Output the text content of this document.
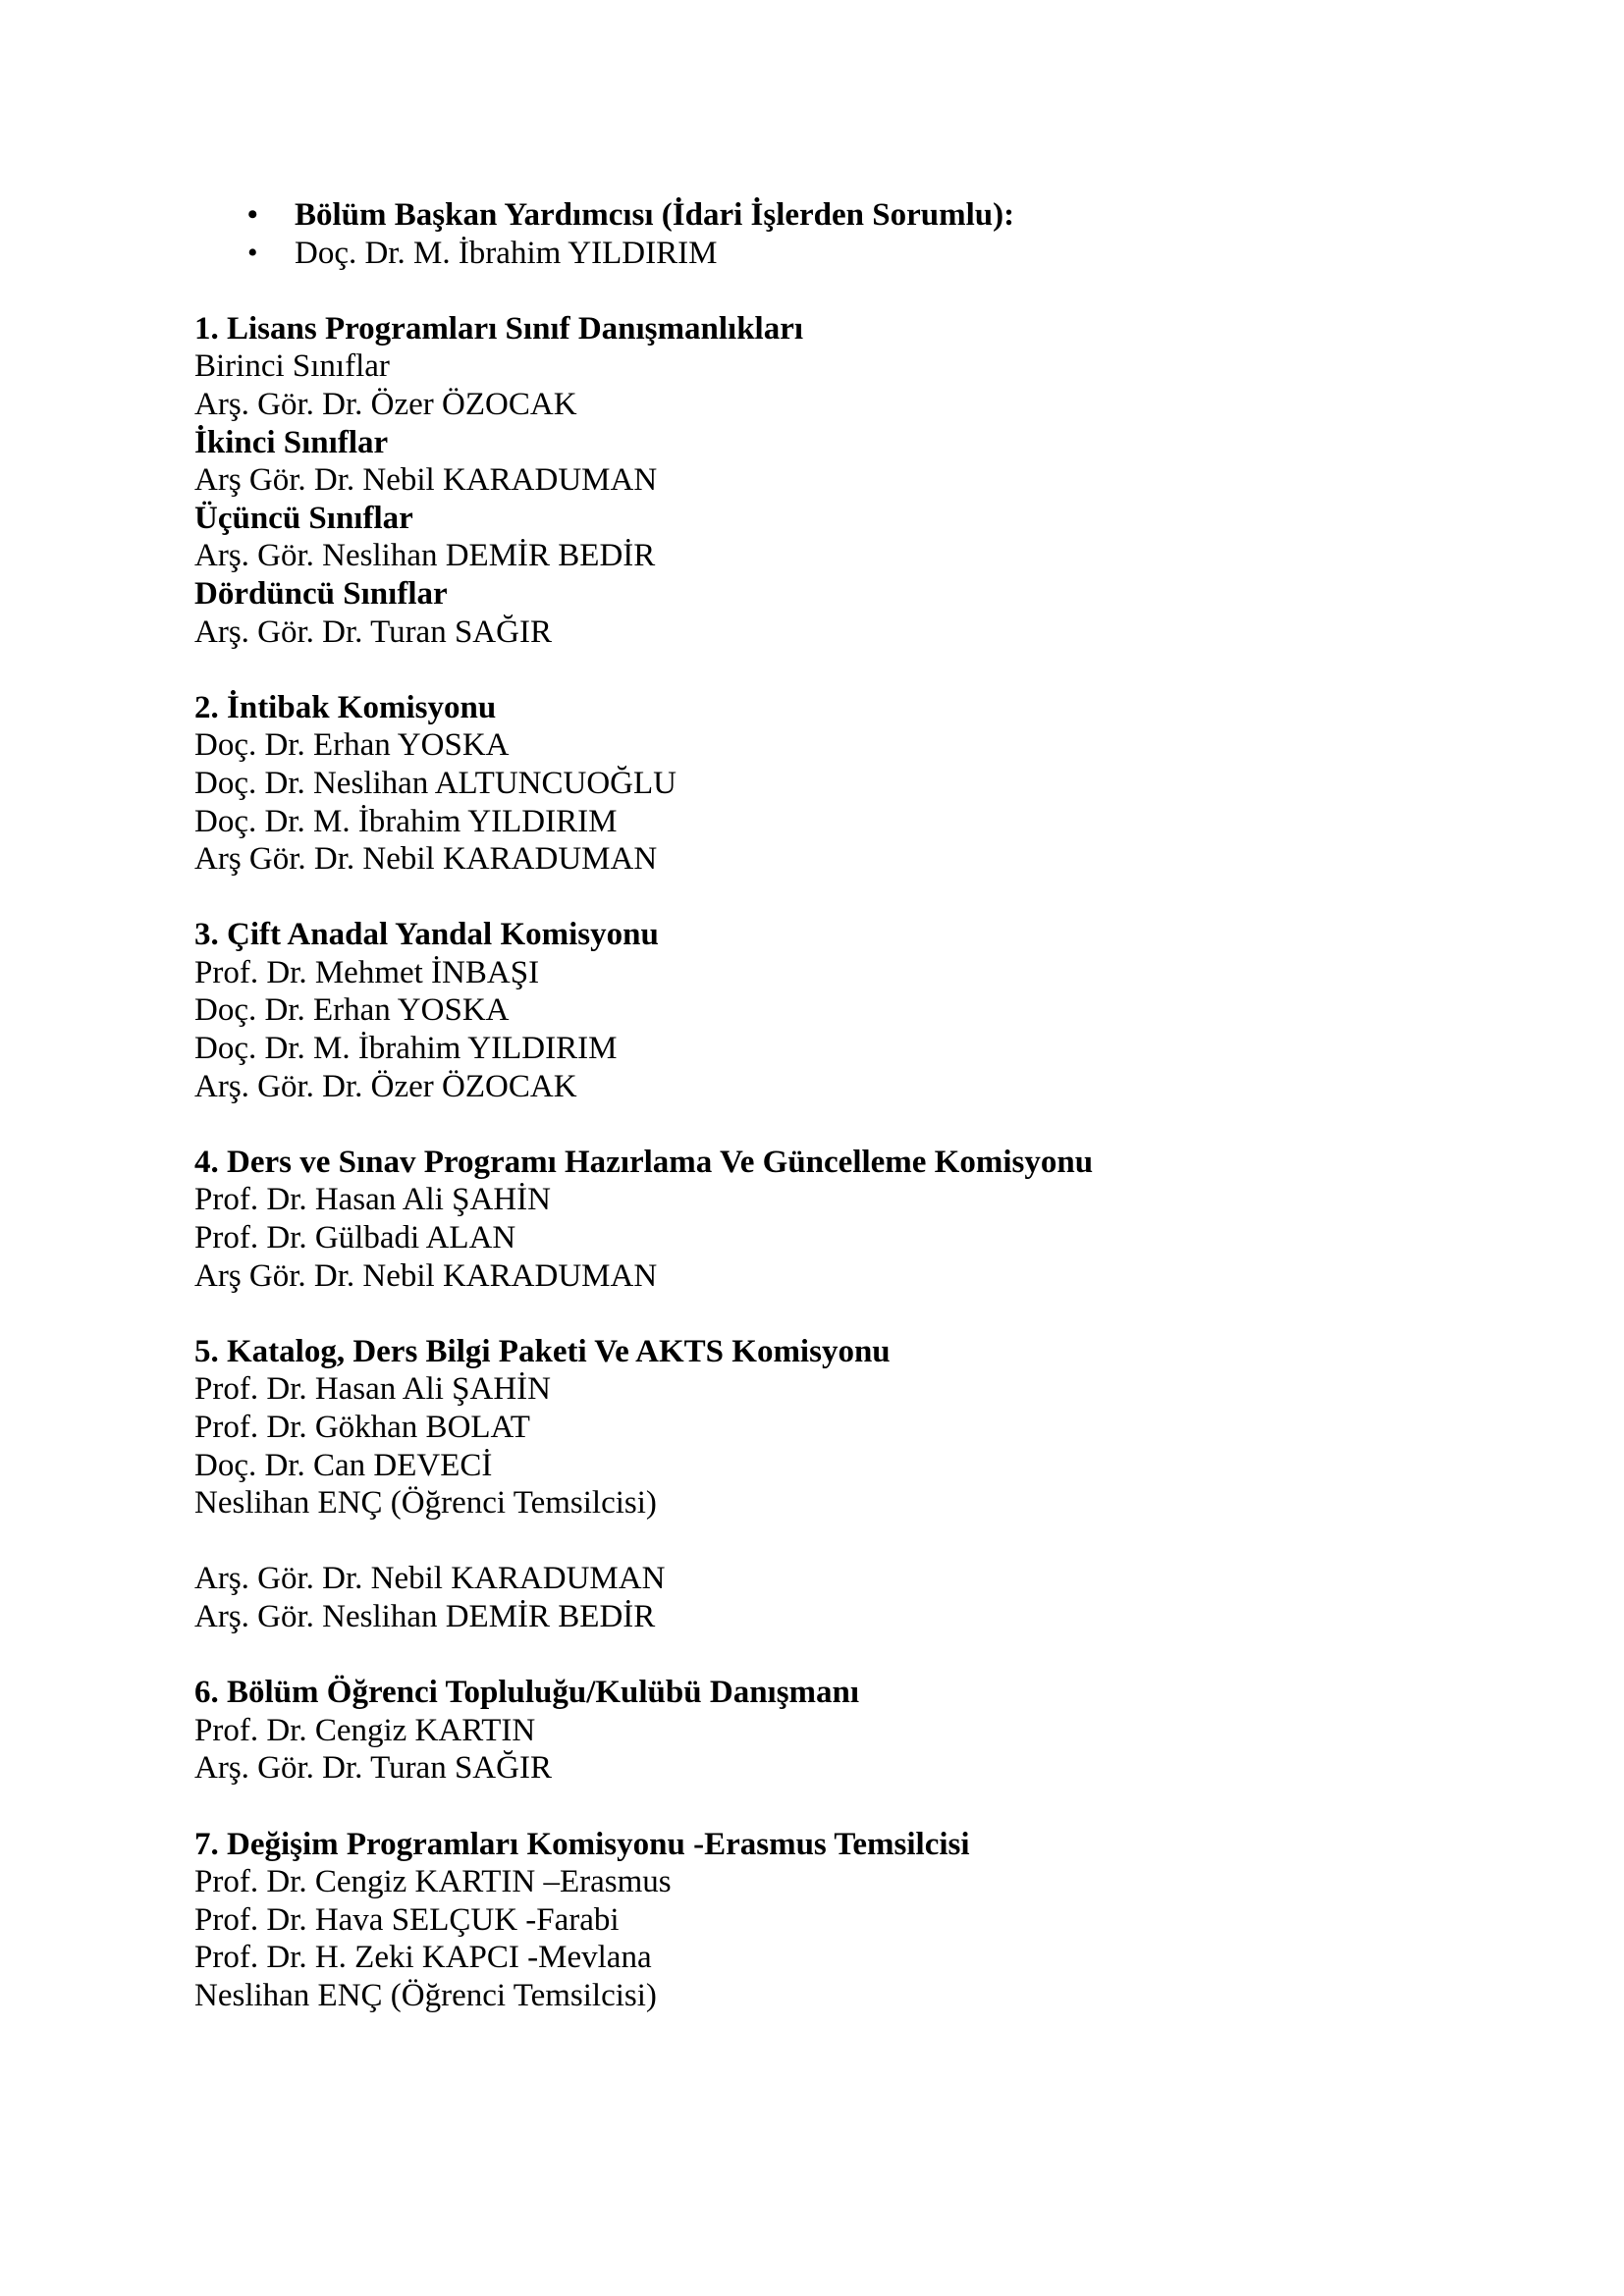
•	Bölüm Başkan Yardımcısı (İdari İşlerden Sorumlu):
•	Doç. Dr. M. İbrahim YILDIRIM
1. Lisans Programları Sınıf Danışmanlıkları
Birinci Sınıflar
Arş. Gör. Dr. Özer ÖZOCAK
İkinci Sınıflar
Arş Gör. Dr. Nebil KARADUMAN
Üçüncü Sınıflar
Arş. Gör. Neslihan DEMİR BEDİR
Dördüncü Sınıflar
Arş. Gör. Dr. Turan SAĞIR
2. İntibak Komisyonu
Doç. Dr. Erhan YOSKA
Doç. Dr. Neslihan ALTUNCUOĞLU
Doç. Dr. M. İbrahim YILDIRIM
Arş Gör. Dr. Nebil KARADUMAN
3. Çift Anadal Yandal Komisyonu
Prof. Dr. Mehmet İNBAŞI
Doç. Dr. Erhan YOSKA
Doç. Dr. M. İbrahim YILDIRIM
Arş. Gör. Dr. Özer ÖZOCAK
4. Ders ve Sınav Programı Hazırlama Ve Güncelleme Komisyonu
Prof. Dr. Hasan Ali ŞAHİN
Prof. Dr. Gülbadi ALAN
Arş Gör. Dr. Nebil KARADUMAN
5. Katalog, Ders Bilgi Paketi Ve AKTS Komisyonu
Prof. Dr. Hasan Ali ŞAHİN
Prof. Dr. Gökhan BOLAT
Doç. Dr. Can DEVECİ
Neslihan ENÇ (Öğrenci Temsilcisi)
Arş. Gör. Dr. Nebil KARADUMAN
Arş. Gör. Neslihan DEMİR BEDİR
6. Bölüm Öğrenci Topluluğu/Kulübü Danışmanı
Prof. Dr. Cengiz KARTIN
Arş. Gör. Dr. Turan SAĞIR
7. Değişim Programları Komisyonu -Erasmus Temsilcisi
Prof. Dr. Cengiz KARTIN –Erasmus
Prof. Dr. Hava SELÇUK -Farabi
Prof. Dr. H. Zeki KAPCI -Mevlana
Neslihan ENÇ (Öğrenci Temsilcisi)
